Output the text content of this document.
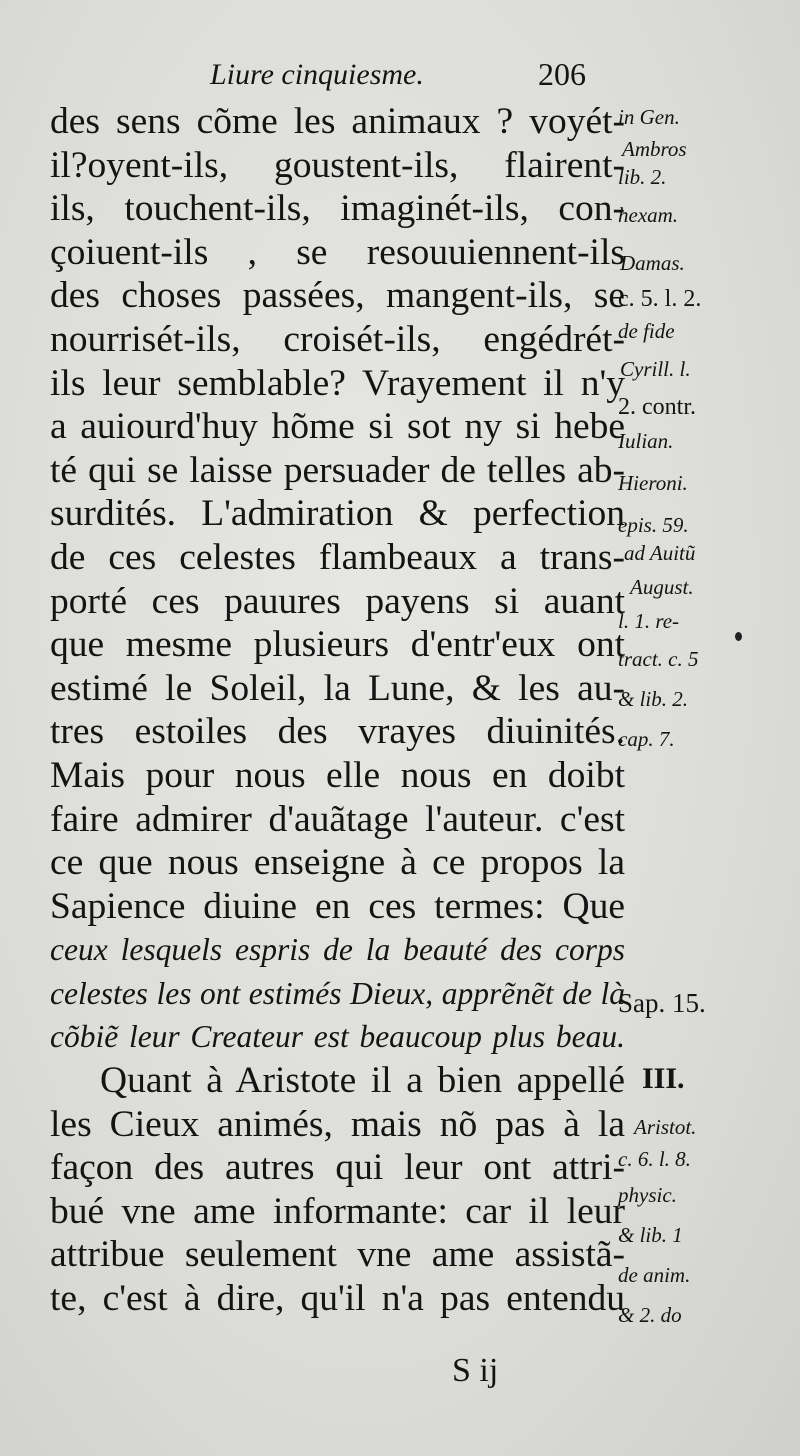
Liure cinquiesme.	206
des sens cõme les animaux ? voyét-
il?oyent-ils, goustent-ils, flairent-
ils, touchent-ils, imaginét-ils, con-
çoiuent-ils , se resouuiennent-ils
des choses passées, mangent-ils, se
nourrisét-ils, croisét-ils, engédrét-
ils leur semblable? Vrayement il n'y
a auiourd'huy hõme si sot ny si hebe
té qui se laisse persuader de telles ab-
surdités. L'admiration & perfection
de ces celestes flambeaux a trans-
porté ces pauures payens si auant
que mesme plusieurs d'entr'eux ont
estimé le Soleil, la Lune, & les au-
tres estoiles des vrayes diuinités.
Mais pour nous elle nous en doibt
faire admirer d'auãtage l'auteur. c'est
ce que nous enseigne à ce propos la
Sapience diuine en ces termes: Que
ceux lesquels espris de la beauté des corps
celestes les ont estimés Dieux, apprẽnẽt de là
cõbiẽ leur Createur est beaucoup plus beau.
Quant à Aristote il a bien appellé
les Cieux animés, mais nõ pas à la
façon des autres qui leur ont attri-
bué vne ame informante: car il leur
attribue seulement vne ame assistã-
te, c'est à dire, qu'il n'a pas entendu
in Gen.
Ambros
lib. 2.
hexam.
Damas.
c. 5. l. 2.
de fide
Cyrill. l.
2. contr.
Iulian.
Hieroni.
epis. 59.
ad Auitũ
August.
l. 1. re-
tract. c. 5
& lib. 2.
cap. 7.
Sap. 15.
III.
Aristot.
c. 6. l. 8.
physic.
& lib. 1
de anim.
& 2. do
S ij
